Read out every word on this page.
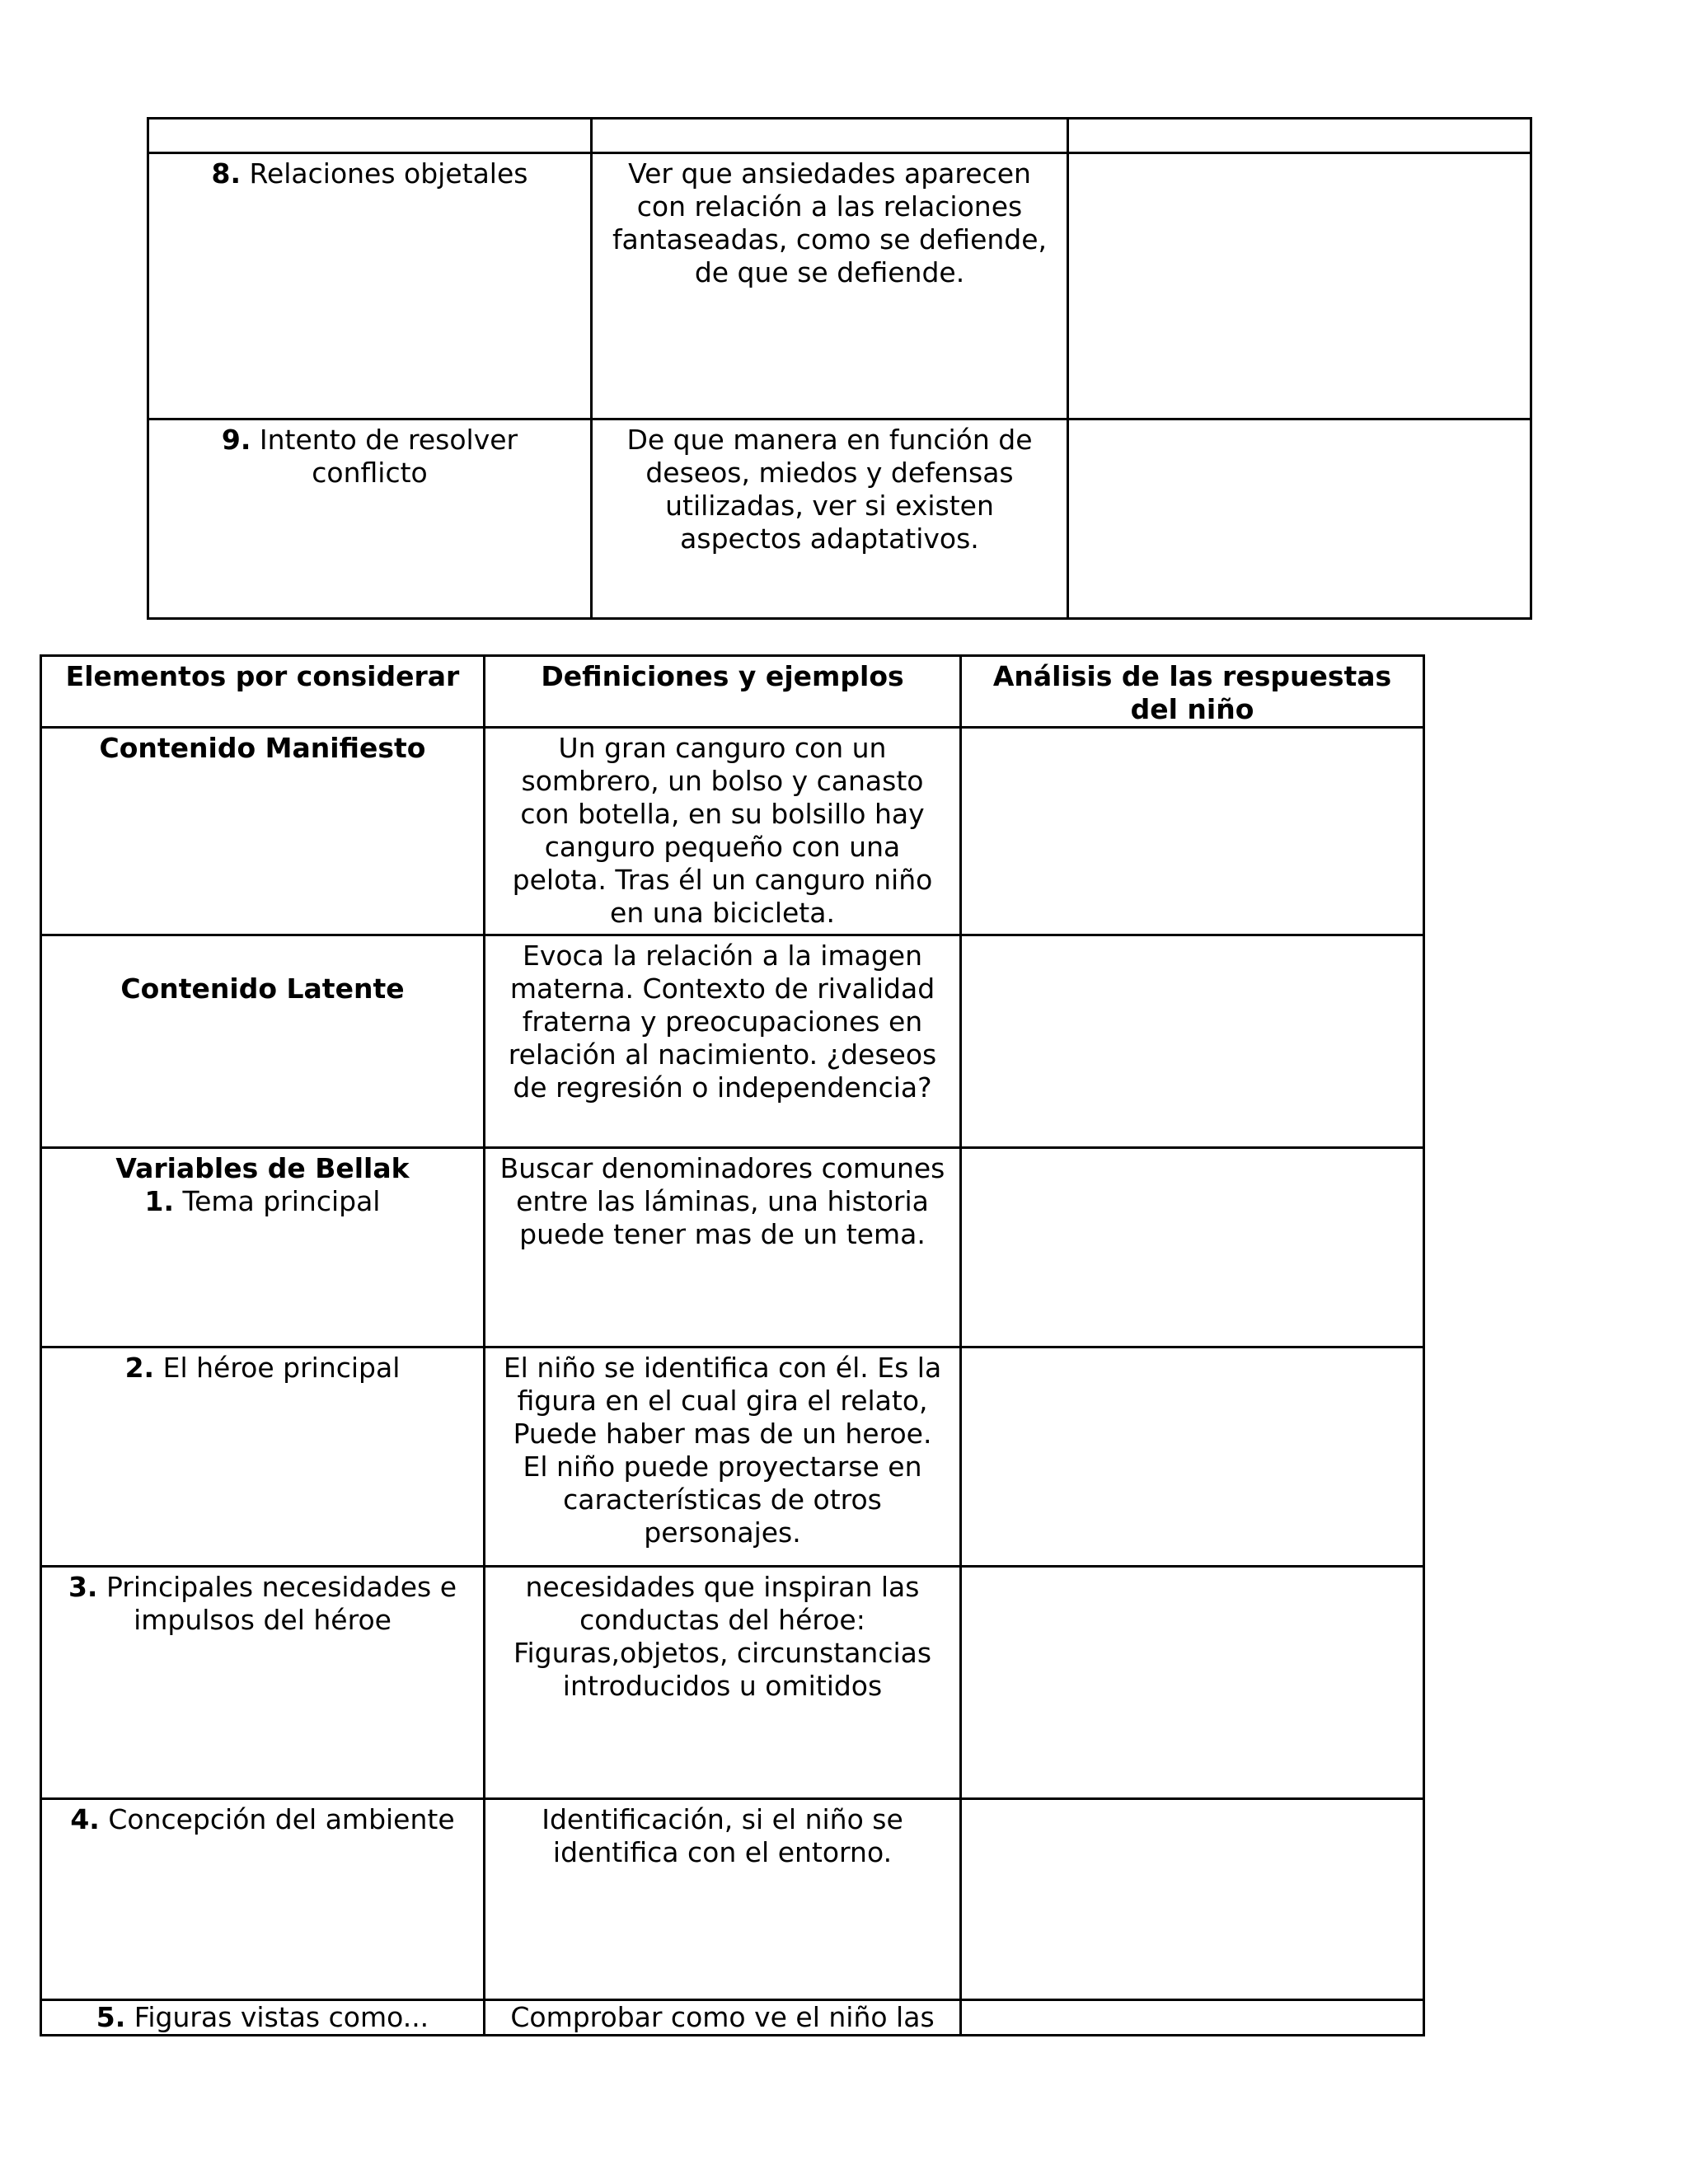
8. Relaciones objetales	Ver que ansiedades aparecen con relación a las relaciones fantaseadas, como se defiende, de que se defiende.	
9. Intento de resolver conflicto	De que manera en función de deseos, miedos y defensas utilizadas, ver si existen aspectos adaptativos.	
Elementos por considerar	Definiciones y ejemplos	Análisis de las respuestas del niño
Contenido Manifiesto	Un gran canguro con un sombrero, un bolso y canasto con botella, en su bolsillo hay canguro pequeño con una pelota. Tras él un canguro niño en una bicicleta.	
Contenido Latente	Evoca la relación a la imagen materna. Contexto de rivalidad fraterna y preocupaciones en relación al nacimiento. ¿deseos de regresión o independencia?	

Variables de Bellak
1. Tema principal	Buscar denominadores comunes entre las láminas, una historia puede tener mas de un tema.	
2. El héroe principal	El niño se identifica con él. Es la figura en el cual gira el relato, Puede haber mas de un heroe. El niño puede proyectarse en características de otros personajes.	
3. Principales necesidades e impulsos del héroe	necesidades que inspiran las conductas del héroe: Figuras,objetos, circunstancias introducidos u omitidos	
4. Concepción del ambiente	Identificación, si el niño se identifica con el entorno.	
5. Figuras vistas como...	Comprobar como ve el niño las	
